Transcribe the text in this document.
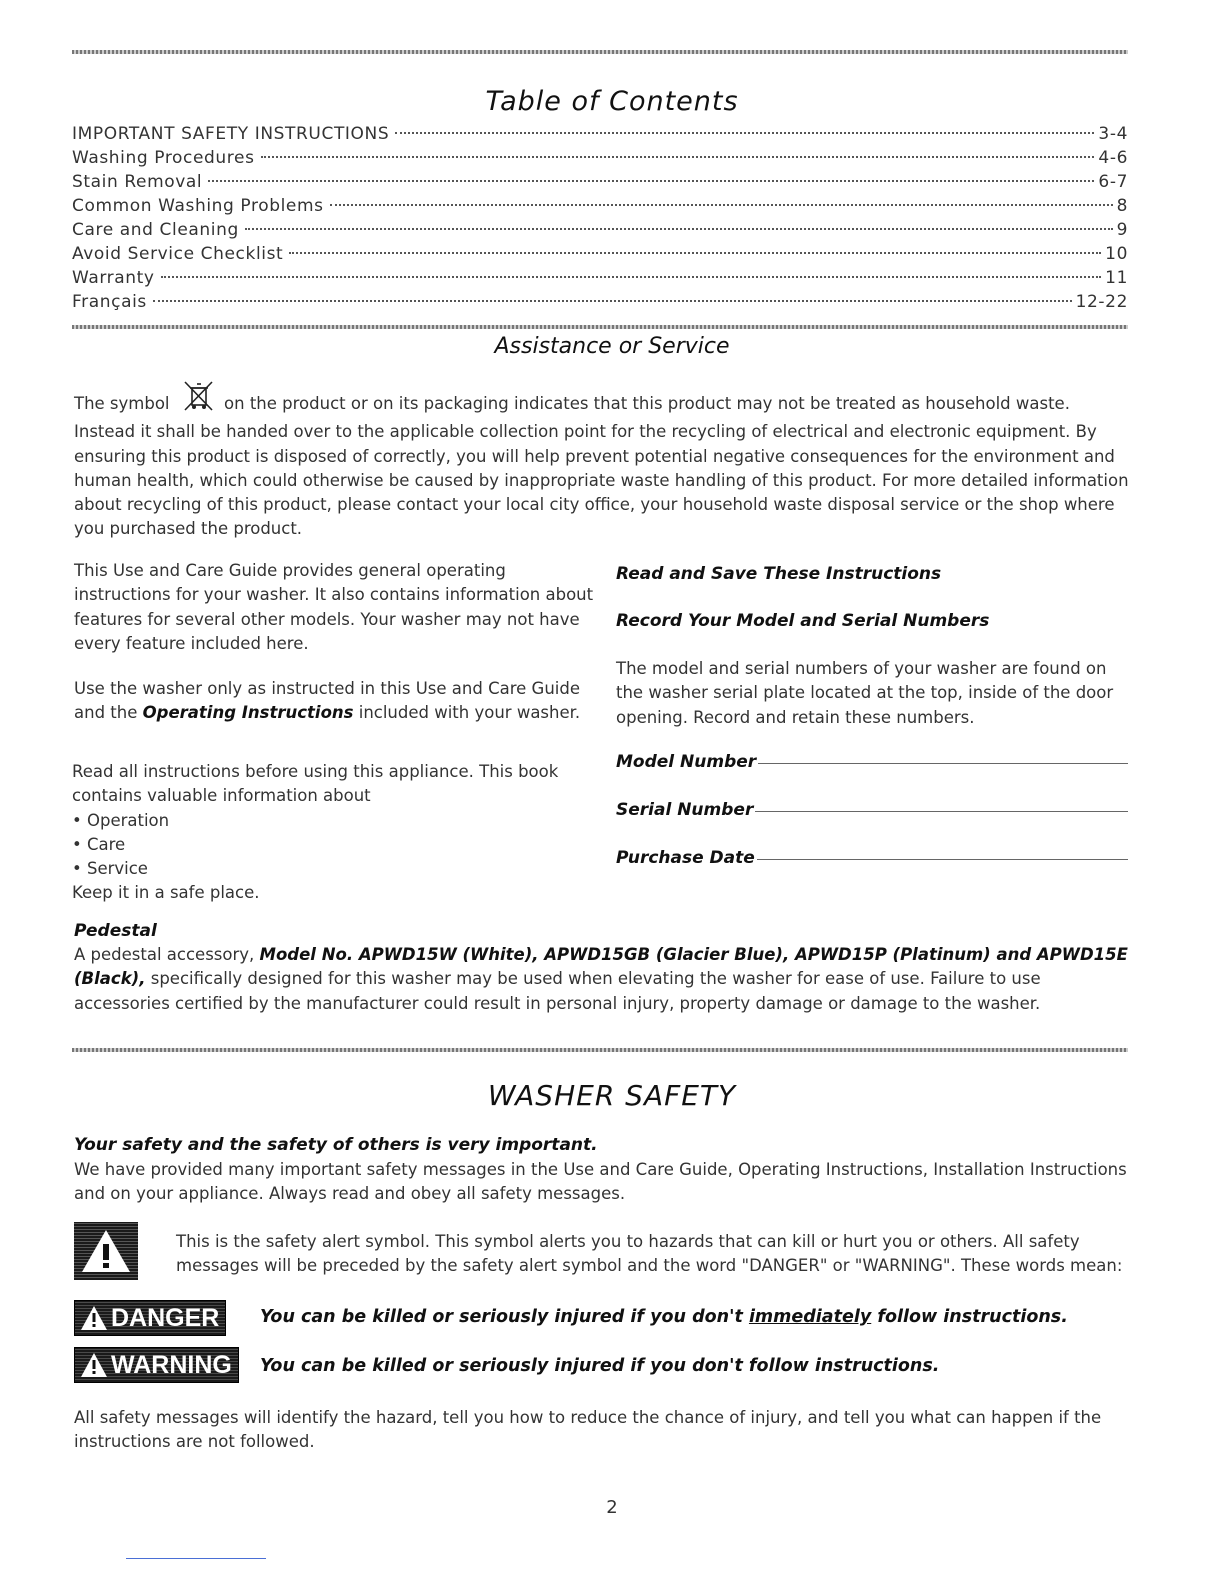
Table of Contents
IMPORTANT SAFETY INSTRUCTIONS	3-4
Washing Procedures	4-6
Stain Removal	6-7
Common Washing Problems	8
Care and Cleaning	9
Avoid Service Checklist	10
Warranty	11
Français	12-22
Assistance or Service
The symbol	on the product or on its packaging indicates that this product may not be treated as household waste. Instead it shall be handed over to the applicable collection point for the recycling of electrical and electronic equipment. By ensuring this product is disposed of correctly, you will help prevent potential negative consequences for the environment and human health, which could otherwise be caused by inappropriate waste handling of this product. For more detailed information about recycling of this product, please contact your local city office, your household waste disposal service or the shop where you purchased the product.
This Use and Care Guide provides general operating instructions for your washer. It also contains information about features for several other models. Your washer may not have every feature included here.
Use the washer only as instructed in this Use and Care Guide and the Operating Instructions included with your washer.
Read all instructions before using this appliance. This book contains valuable information about
• Operation
• Care
• Service
Keep it in a safe place.
Read and Save These Instructions
Record Your Model and Serial Numbers
The model and serial numbers of your washer are found on the washer serial plate located at the top, inside of the door opening. Record and retain these numbers.
Model Number
Serial Number
Purchase Date
Pedestal
A pedestal accessory, Model No. APWD15W (White), APWD15GB (Glacier Blue), APWD15P (Platinum) and APWD15E (Black), specifically designed for this washer may be used when elevating the washer for ease of use. Failure to use accessories certified by the manufacturer could result in personal injury, property damage or damage to the washer.
WASHER SAFETY
Your safety and the safety of others is very important.
We have provided many important safety messages in the Use and Care Guide, Operating Instructions, Installation Instructions and on your appliance. Always read and obey all safety messages.
This is the safety alert symbol. This symbol alerts you to hazards that can kill or hurt you or others. All safety messages will be preceded by the safety alert symbol and the word "DANGER" or "WARNING". These words mean:
DANGER You can be killed or seriously injured if you don't immediately follow instructions.
WARNING You can be killed or seriously injured if you don't follow instructions.
All safety messages will identify the hazard, tell you how to reduce the chance of injury, and tell you what can happen if the instructions are not followed.
2
